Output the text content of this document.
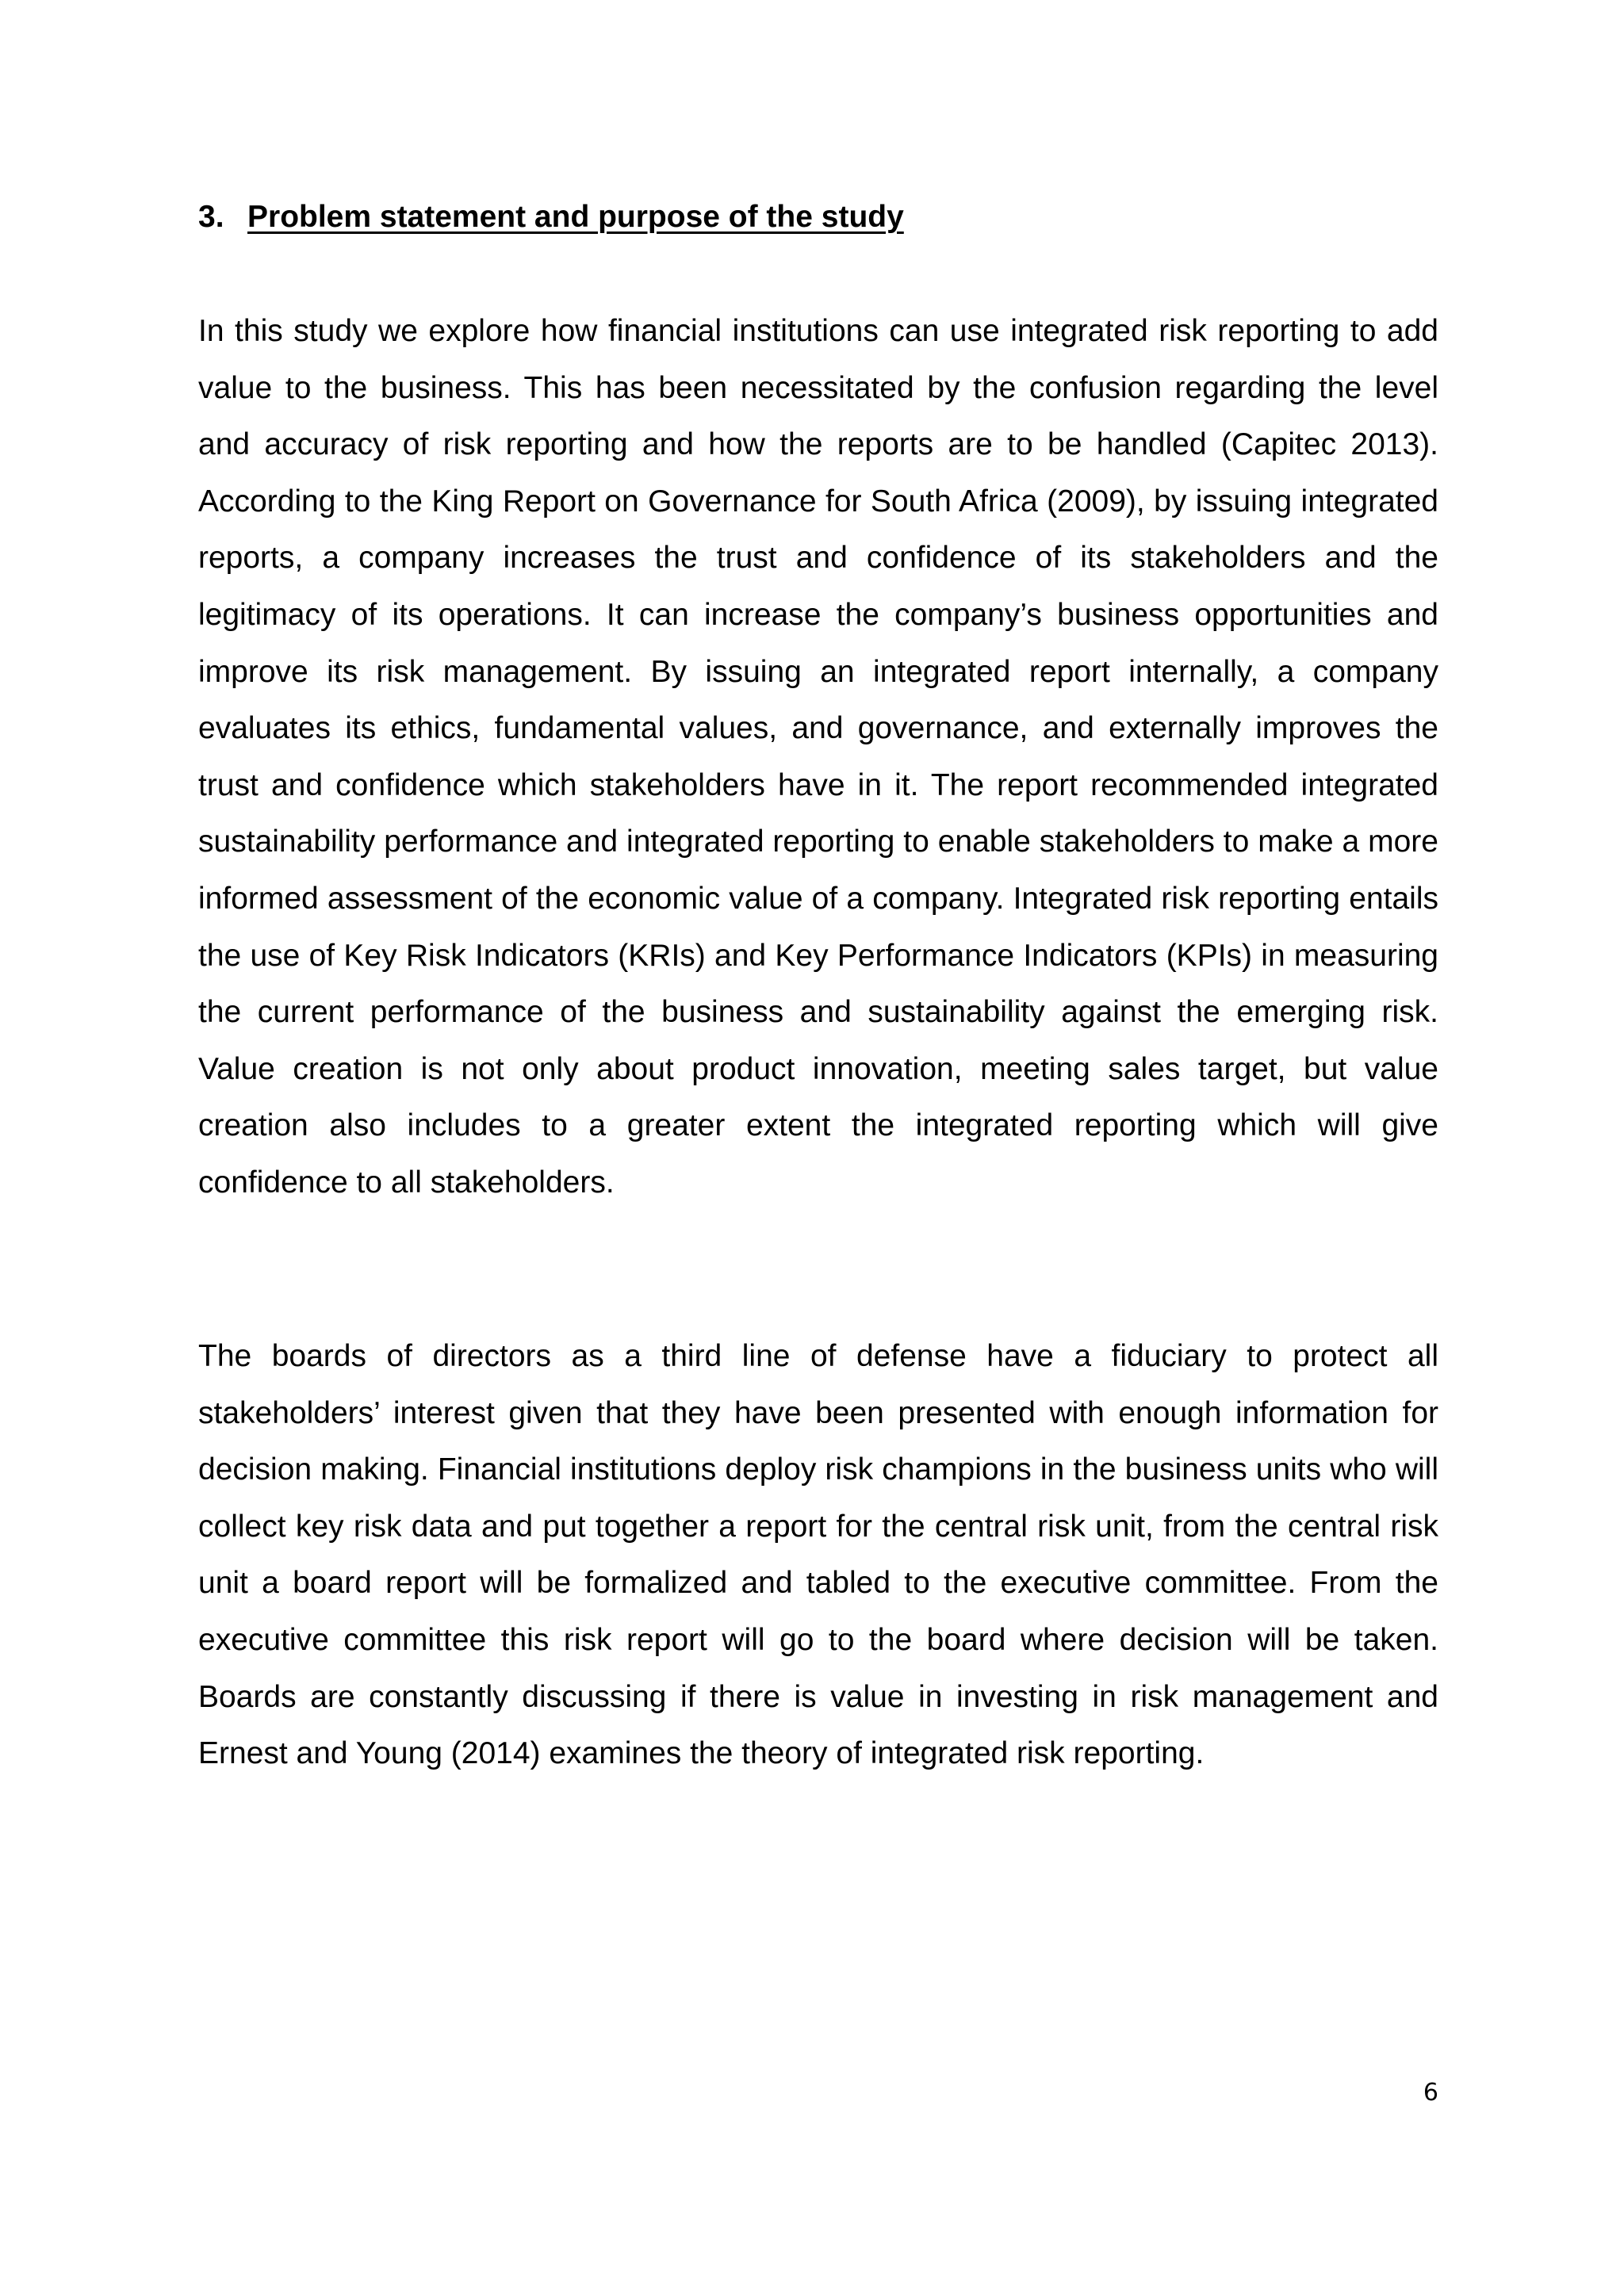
3. Problem statement and purpose of the study

In this study we explore how financial institutions can use integrated risk reporting to add value to the business. This has been necessitated by the confusion regarding the level and accuracy of risk reporting and how the reports are to be handled (Capitec 2013). According to the King Report on Governance for South Africa (2009), by issuing integrated reports, a company increases the trust and confidence of its stakeholders and the legitimacy of its operations. It can increase the company’s business opportunities and improve its risk management. By issuing an integrated report internally, a company evaluates its ethics, fundamental values, and governance, and externally improves the trust and confidence which stakeholders have in it. The report recommended integrated sustainability performance and integrated reporting to enable stakeholders to make a more informed assessment of the economic value of a company. Integrated risk reporting entails the use of Key Risk Indicators (KRIs) and Key Performance Indicators (KPIs) in measuring the current performance of the business and sustainability against the emerging risk. Value creation is not only about product innovation, meeting sales target, but value creation also includes to a greater extent the integrated reporting which will give confidence to all stakeholders.

The boards of directors as a third line of defense have a fiduciary to protect all stakeholders’ interest given that they have been presented with enough information for decision making. Financial institutions deploy risk champions in the business units who will collect key risk data and put together a report for the central risk unit, from the central risk unit a board report will be formalized and tabled to the executive committee. From the executive committee this risk report will go to the board where decision will be taken. Boards are constantly discussing if there is value in investing in risk management and Ernest and Young (2014) examines the theory of integrated risk reporting.

6
